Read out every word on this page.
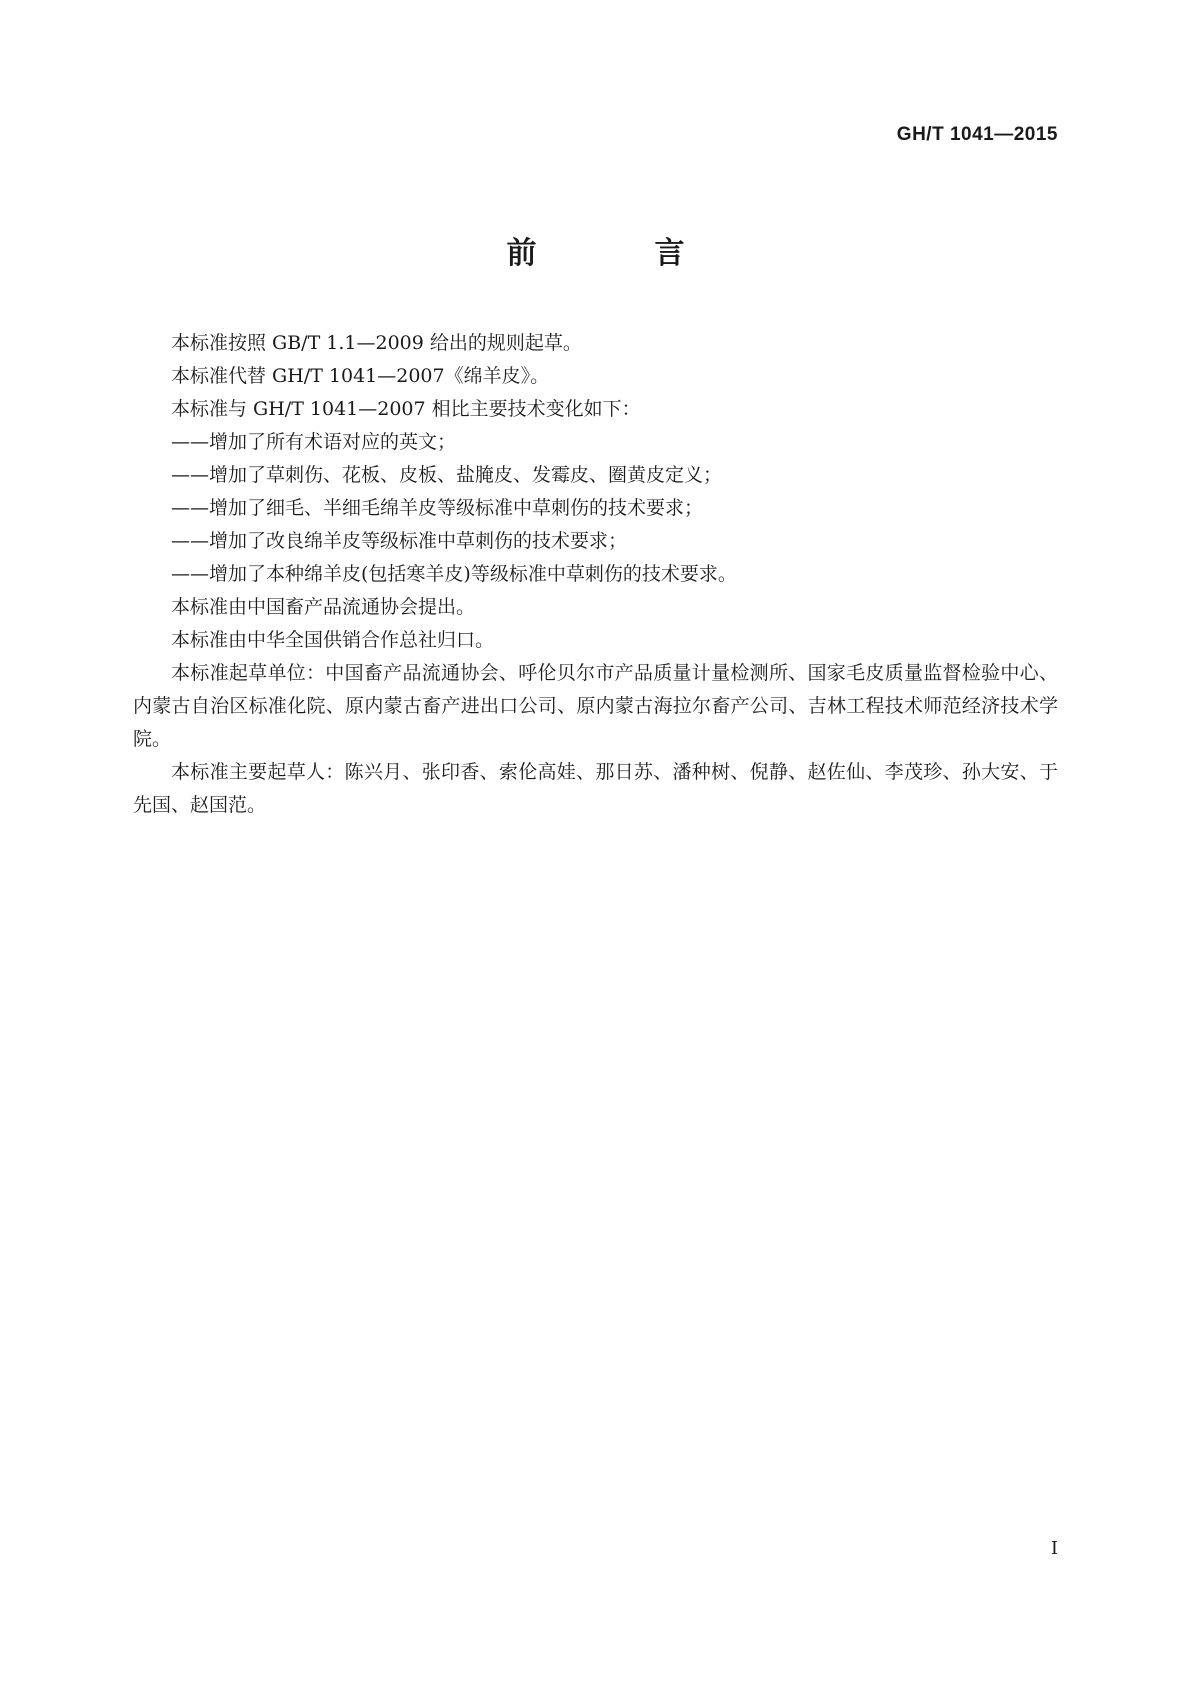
GH/T 1041—2015
前　言

本标准按照 GB/T 1.1—2009 给出的规则起草。

本标准代替 GH/T 1041—2007《绵羊皮》。

本标准与 GH/T 1041—2007 相比主要技术变化如下：

——增加了所有术语对应的英文；

——增加了草刺伤、花板、皮板、盐腌皮、发霉皮、圈黄皮定义；

——增加了细毛、半细毛绵羊皮等级标准中草刺伤的技术要求；

——增加了改良绵羊皮等级标准中草刺伤的技术要求；

——增加了本种绵羊皮(包括寒羊皮)等级标准中草刺伤的技术要求。

本标准由中国畜产品流通协会提出。

本标准由中华全国供销合作总社归口。

本标准起草单位：中国畜产品流通协会、呼伦贝尔市产品质量计量检测所、国家毛皮质量监督检验中心、内蒙古自治区标准化院、原内蒙古畜产进出口公司、原内蒙古海拉尔畜产公司、吉林工程技术师范经济技术学院。

本标准主要起草人：陈兴月、张印香、索伦高娃、那日苏、潘种树、倪静、赵佐仙、李茂珍、孙大安、于先国、赵国范。

I
